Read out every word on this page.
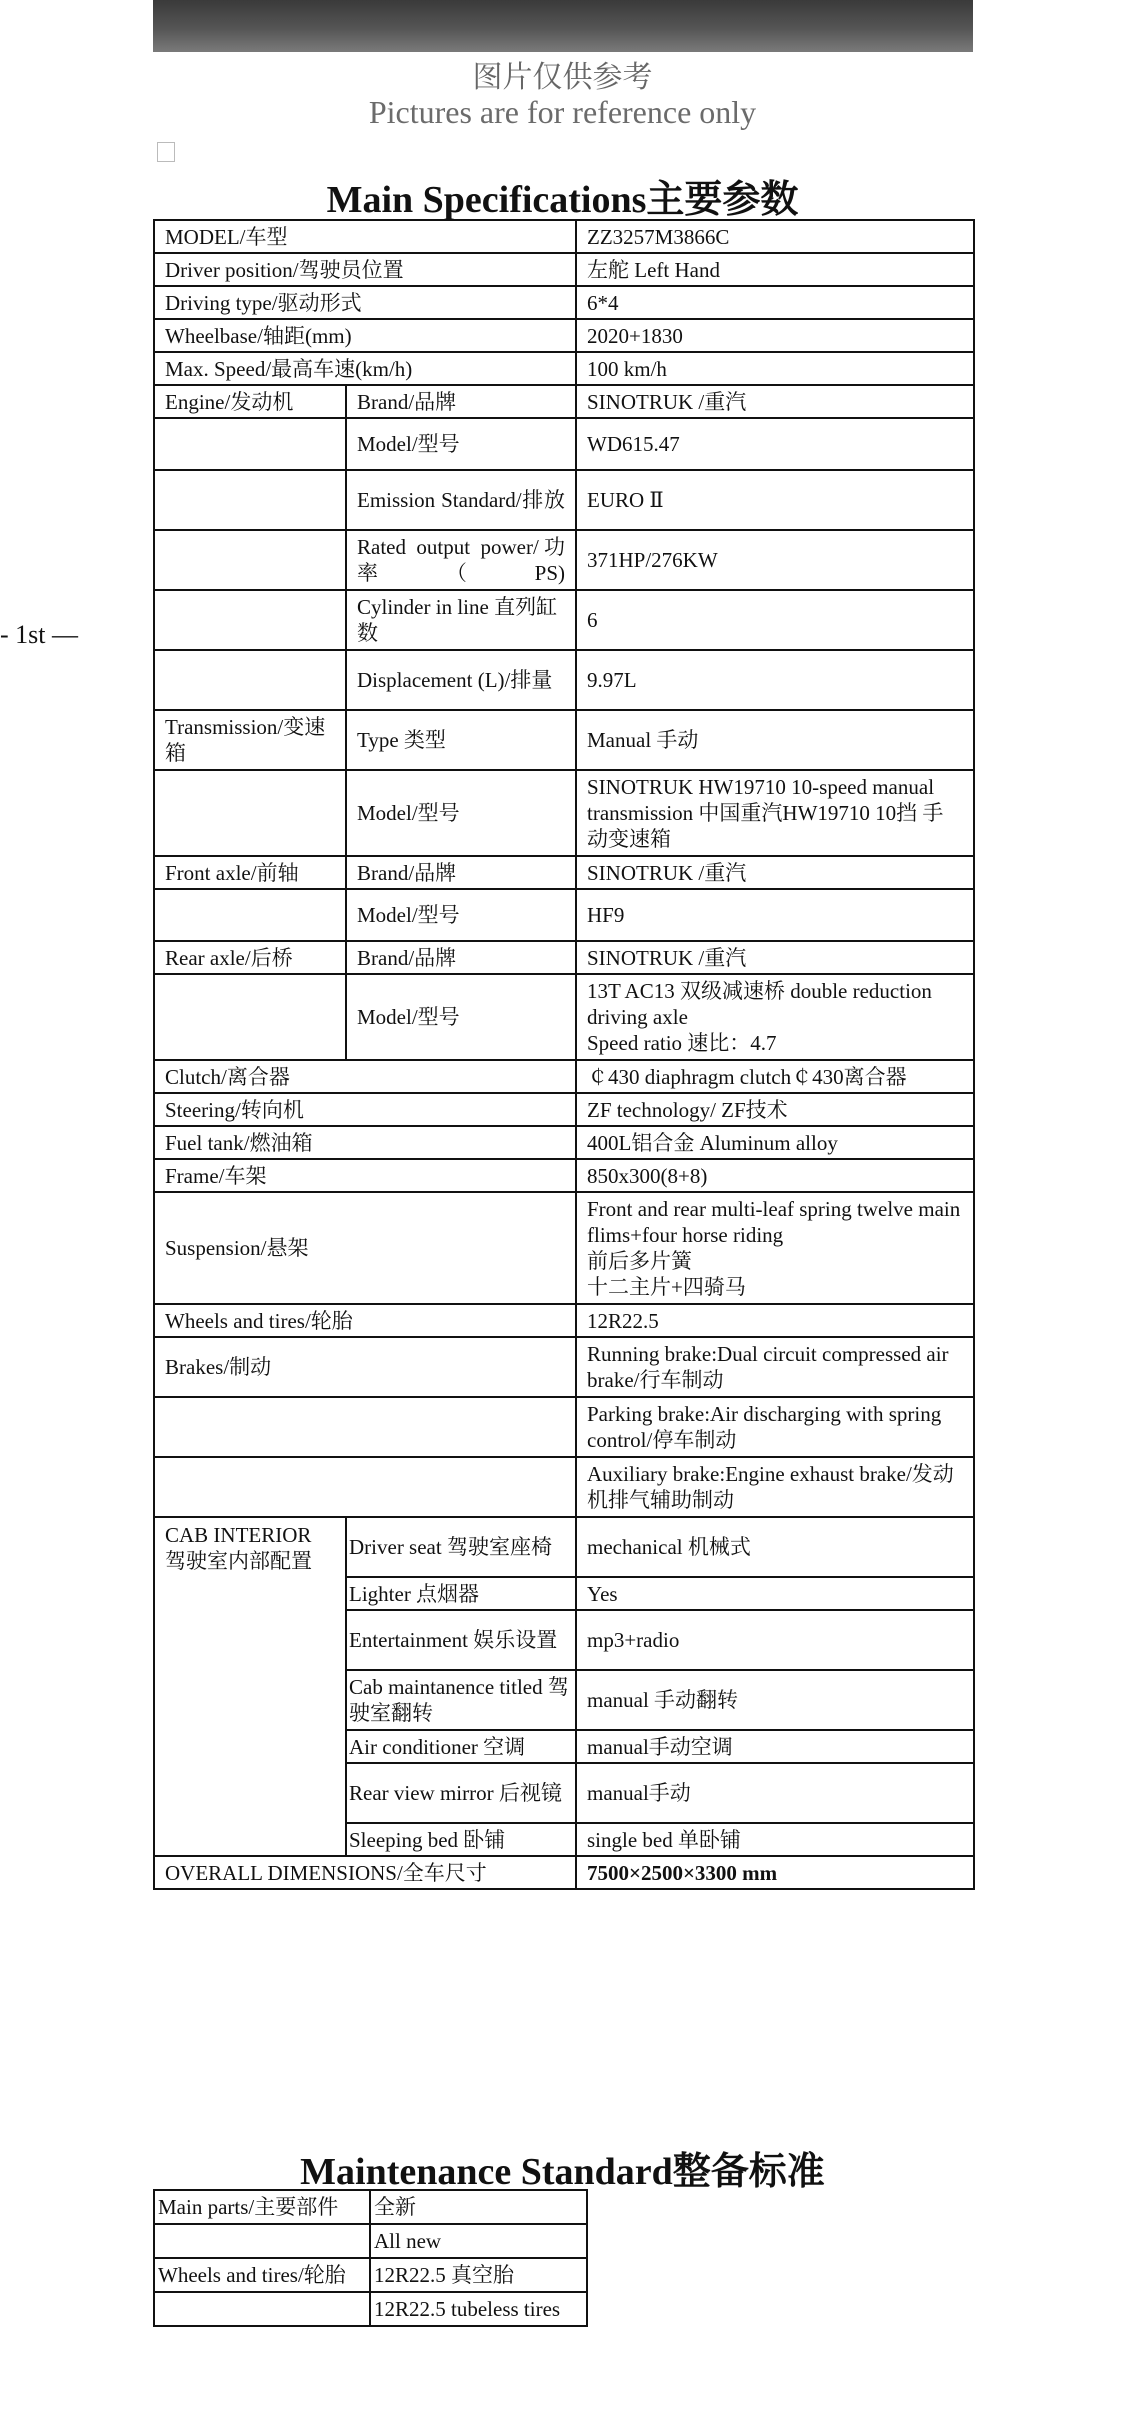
图片仅供参考
Pictures are for reference only
- 1st —
Main Specifications主要参数
MODEL/车型		ZZ3257M3866C
Driver position/驾驶员位置		左舵 Left Hand
Driving type/驱动形式		6*4
Wheelbase/轴距(mm)		2020+1830
Max. Speed/最高车速(km/h)		100 km/h
Engine/发动机	Brand/品牌	SINOTRUK /重汽
	Model/型号	WD615.47
	Emission Standard/排放	EURO Ⅱ
	Rated output power/功率（PS)	371HP/276KW
	Cylinder in line 直列缸数	6
	Displacement (L)/排量	9.97L
Transmission/变速箱	Type 类型	Manual 手动
	Model/型号	SINOTRUK HW19710 10-speed manual transmission 中国重汽HW19710 10挡 手动变速箱
Front axle/前轴	Brand/品牌	SINOTRUK /重汽
	Model/型号	HF9
Rear axle/后桥	Brand/品牌	SINOTRUK /重汽
	Model/型号	13T AC13 双级减速桥 double reduction driving axle
Speed ratio 速比：4.7

Clutch/离合器		￠430 diaphragm clutch￠430离合器
Steering/转向机		ZF technology/ ZF技术
Fuel tank/燃油箱		400L铝合金 Aluminum alloy
Frame/车架		850x300(8+8)
Suspension/悬架		Front and rear multi-leaf spring twelve main flims+four horse riding
前后多片簧
十二主片+四骑马

Wheels and tires/轮胎		12R22.5
Brakes/制动		Running brake:Dual circuit compressed air brake/行车制动
		Parking brake:Air discharging with spring control/停车制动
		Auxiliary brake:Engine exhaust brake/发动机排气辅助制动
CAB INTERIOR 驾驶室内部配置	Driver seat 驾驶室座椅	mechanical 机械式
	Lighter 点烟器	Yes
	Entertainment 娱乐设置	mp3+radio
	Cab maintanence titled 驾驶室翻转	manual 手动翻转
	Air conditioner 空调	manual手动空调
	Rear view mirror 后视镜	manual手动
	Sleeping bed 卧铺	single bed 单卧铺
OVERALL DIMENSIONS/全车尺寸		7500×2500×3300 mm
Maintenance Standard整备标准
Main parts/主要部件	全新
	All new
Wheels and tires/轮胎	12R22.5 真空胎
	12R22.5 tubeless tires
